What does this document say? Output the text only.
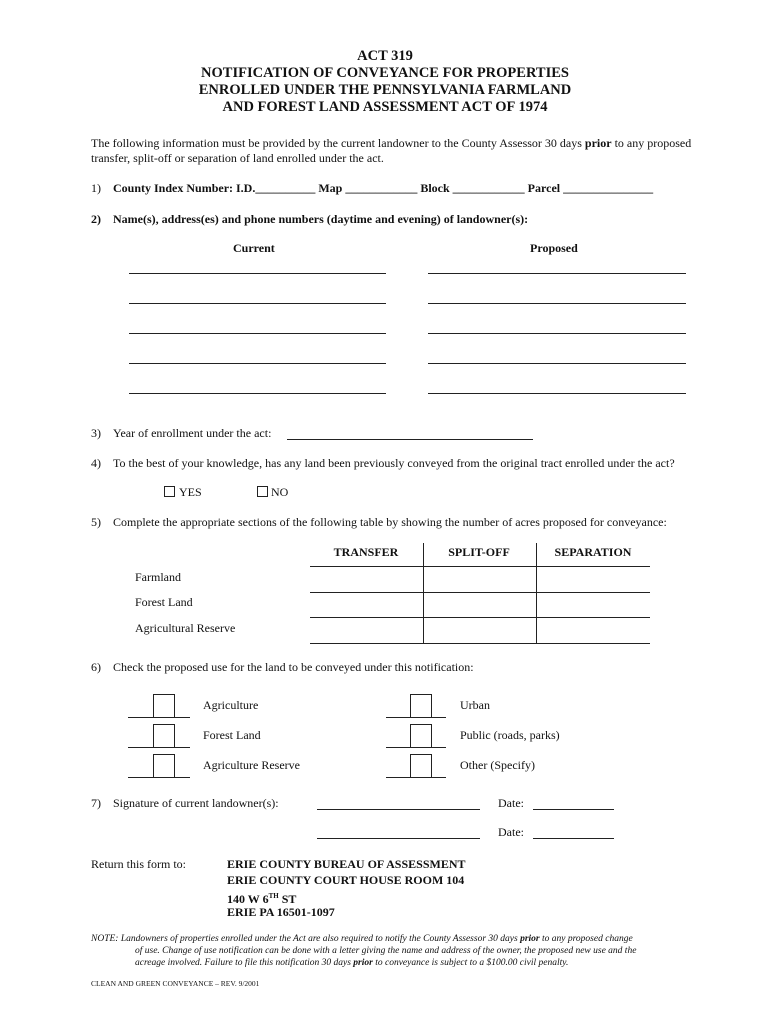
ACT 319
NOTIFICATION OF CONVEYANCE FOR PROPERTIES
ENROLLED UNDER THE PENNSYLVANIA FARMLAND
AND FOREST LAND ASSESSMENT ACT OF 1974
The following information must be provided by the current landowner to the County Assessor 30 days prior to any proposed
transfer, split-off or separation of land enrolled under the act.
1) County Index Number: I.D.__________ Map ____________ Block ____________ Parcel _______________
2) Name(s), address(es) and phone numbers (daytime and evening) of landowner(s):
Current	Proposed
3) Year of enrollment under the act:
4) To the best of your knowledge, has any land been previously conveyed from the original tract enrolled under the act?
YES	NO
5) Complete the appropriate sections of the following table by showing the number of acres proposed for conveyance:
TRANSFER	SPLIT-OFF	SEPARATION
Farmland
Forest Land
Agricultural Reserve
6) Check the proposed use for the land to be conveyed under this notification:
Agriculture
Forest Land
Agriculture Reserve
Urban
Public (roads, parks)
Other (Specify)
7) Signature of current landowner(s):	Date:
Date:
Return this form to:	ERIE COUNTY BUREAU OF ASSESSMENT
ERIE COUNTY COURT HOUSE ROOM 104
140 W 6TH ST
ERIE PA 16501-1097
NOTE: Landowners of properties enrolled under the Act are also required to notify the County Assessor 30 days prior to any proposed change
of use. Change of use notification can be done with a letter giving the name and address of the owner, the proposed new use and the
acreage involved. Failure to file this notification 30 days prior to conveyance is subject to a $100.00 civil penalty.
CLEAN AND GREEN CONVEYANCE – REV. 9/2001
